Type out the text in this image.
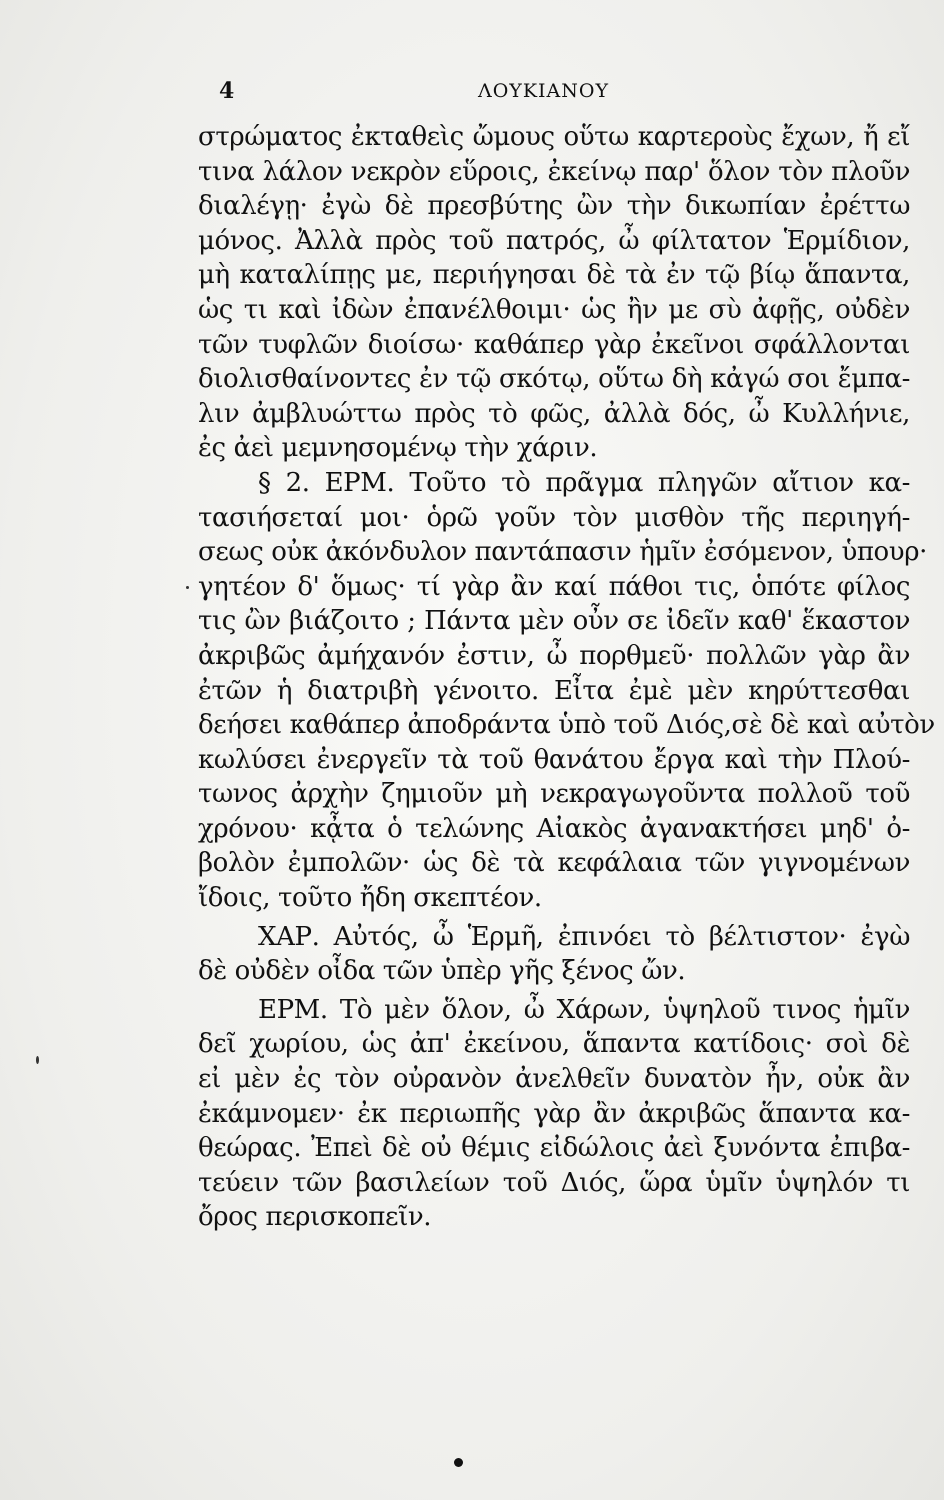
4	ΛΟΥΚΙΑΝΟΥ
στρώματος ἐκταθεὶς ὤμους οὕτω καρτεροὺς ἔχων, ἤ εἴ
τινα λάλον νεκρὸν εὕροις, ἐκείνῳ παρ' ὅλον τὸν πλοῦν
διαλέγῃ· ἐγὼ δὲ πρεσβύτης ὢν τὴν δικωπίαν ἐρέττω
μόνος. Ἀλλὰ πρὸς τοῦ πατρός, ὦ φίλτατον Ἑρμίδιον,
μὴ καταλίπῃς με, περιήγησαι δὲ τὰ ἐν τῷ βίῳ ἅπαντα,
ὡς τι καὶ ἰδὼν ἐπανέλθοιμι· ὡς ἢν με σὺ ἀφῇς, οὐδὲν
τῶν τυφλῶν διοίσω· καθάπερ γὰρ ἐκεῖνοι σφάλλονται
διολισθαίνοντες ἐν τῷ σκότῳ, οὕτω δὴ κἀγώ σοι ἔμπα-
λιν ἀμβλυώττω πρὸς τὸ φῶς, ἀλλὰ δός, ὦ Κυλλήνιε,
ἐς ἀεὶ μεμνησομένῳ τὴν χάριν.
§ 2. ΕΡΜ. Τοῦτο τὸ πρᾶγμα πληγῶν αἴτιον κα-
τασιήσεταί μοι· ὁρῶ γοῦν τὸν μισθὸν τῆς περιηγή-
σεως οὐκ ἀκόνδυλον παντάπασιν ἡμῖν ἐσόμενον, ὑπουρ·
γητέον δ' ὅμως· τί γὰρ ἂν καί πάθοι τις, ὁπότε φίλος
τις ὢν βιάζοιτο ; Πάντα μὲν οὖν σε ἰδεῖν καθ' ἕκαστον
ἀκριβῶς ἀμήχανόν ἐστιν, ὦ πορθμεῦ· πολλῶν γὰρ ἂν
ἐτῶν ἡ διατριβὴ γένοιτο. Εἶτα ἐμὲ μὲν κηρύττεσθαι
δεήσει καθάπερ ἀποδράντα ὑπὸ τοῦ Διός,σὲ δὲ καὶ αὐτὸν
κωλύσει ἐνεργεῖν τὰ τοῦ θανάτου ἔργα καὶ τὴν Πλού-
τωνος ἀρχὴν ζημιοῦν μὴ νεκραγωγοῦντα πολλοῦ τοῦ
χρόνου· κᾆτα ὁ τελώνης Αἰακὸς ἀγανακτήσει μηδ' ὀ-
βολὸν ἐμπολῶν· ὡς δὲ τὰ κεφάλαια τῶν γιγνομένων
ἴδοις, τοῦτο ἤδη σκεπτέον.
ΧΑΡ. Αὐτός, ὦ Ἑρμῆ, ἐπινόει τὸ βέλτιστον· ἐγὼ
δὲ οὐδὲν οἶδα τῶν ὑπὲρ γῆς ξένος ὤν.
ΕΡΜ. Τὸ μὲν ὅλον, ὦ Χάρων, ὑψηλοῦ τινος ἡμῖν
δεῖ χωρίου, ὡς ἀπ' ἐκείνου, ἅπαντα κατίδοις· σοὶ δὲ
εἰ μὲν ἐς τὸν οὐρανὸν ἀνελθεῖν δυνατὸν ἦν, οὐκ ἂν
ἐκάμνομεν· ἐκ περιωπῆς γὰρ ἂν ἀκριβῶς ἅπαντα κα-
θεώρας. Ἐπεὶ δὲ οὐ θέμις εἰδώλοις ἀεὶ ξυνόντα ἐπιβα-
τεύειν τῶν βασιλείων τοῦ Διός, ὥρα ὑμῖν ὑψηλόν τι
ὄρος περισκοπεῖν.
